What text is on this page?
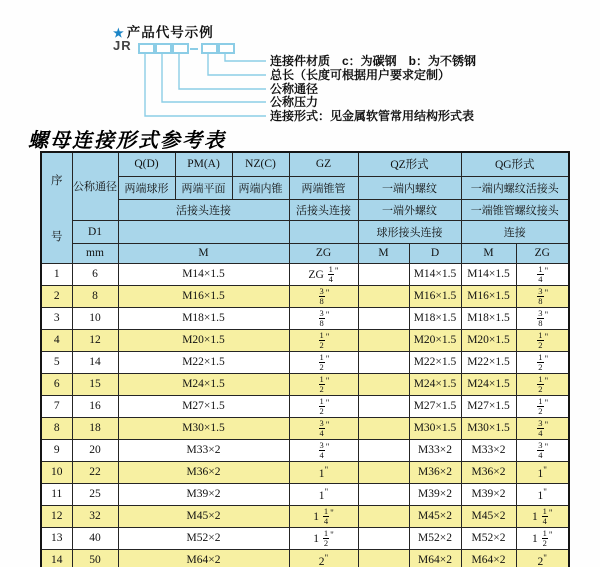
★ 产品代号示例
JR
连接件材质　c：为碳钢　b：为不锈钢
总长（长度可根据用户要求定制）
公称通径
公称压力
连接形式：见金属软管常用结构形式表
螺母连接形式参考表
序
号	公称通径	Q(D)	PM(A)	NZ(C)	GZ	QZ形式		QG形式	
		两端球形	两端平面	两端内锥	两端锥管	一端内螺纹		一端内螺纹活接头	
		活接头连接			活接头连接	一端外螺纹		一端锥管螺纹接头	
	D1					球形接头连接		连接	
	mm	M			ZG	M	D	M	ZG
1	6	M14×1.5			ZG $\frac{1}{4} ^"$		M14×1.5	M14×1.5	$\frac{1}{4} ^"$
2	8	M16×1.5			$\frac{3}{8} ^"$		M16×1.5	M16×1.5	$\frac{3}{8} ^"$
3	10	M18×1.5			$\frac{3}{8} ^"$		M18×1.5	M18×1.5	$\frac{3}{8} ^"$
4	12	M20×1.5			$\frac{1}{2} ^"$		M20×1.5	M20×1.5	$\frac{1}{2} ^"$
5	14	M22×1.5			$\frac{1}{2} ^"$		M22×1.5	M22×1.5	$\frac{1}{2} ^"$
6	15	M24×1.5			$\frac{1}{2} ^"$		M24×1.5	M24×1.5	$\frac{1}{2} ^"$
7	16	M27×1.5			$\frac{1}{2} ^"$		M27×1.5	M27×1.5	$\frac{1}{2} ^"$
8	18	M30×1.5			$\frac{3}{4} ^"$		M30×1.5	M30×1.5	$\frac{3}{4} ^"$
9	20	M33×2			$\frac{3}{4} ^"$		M33×2	M33×2	$\frac{3}{4} ^"$
10	22	M36×2			1"		M36×2	M36×2	1"
11	25	M39×2			1"		M39×2	M39×2	1"
12	32	M45×2			$1 \frac{1}{4} ^"$		M45×2	M45×2	$1 \frac{1}{4} ^"$
13	40	M52×2			$1 \frac{1}{2} ^"$		M52×2	M52×2	$1 \frac{1}{2} ^"$
14	50	M64×2			2"		M64×2	M64×2	2"
